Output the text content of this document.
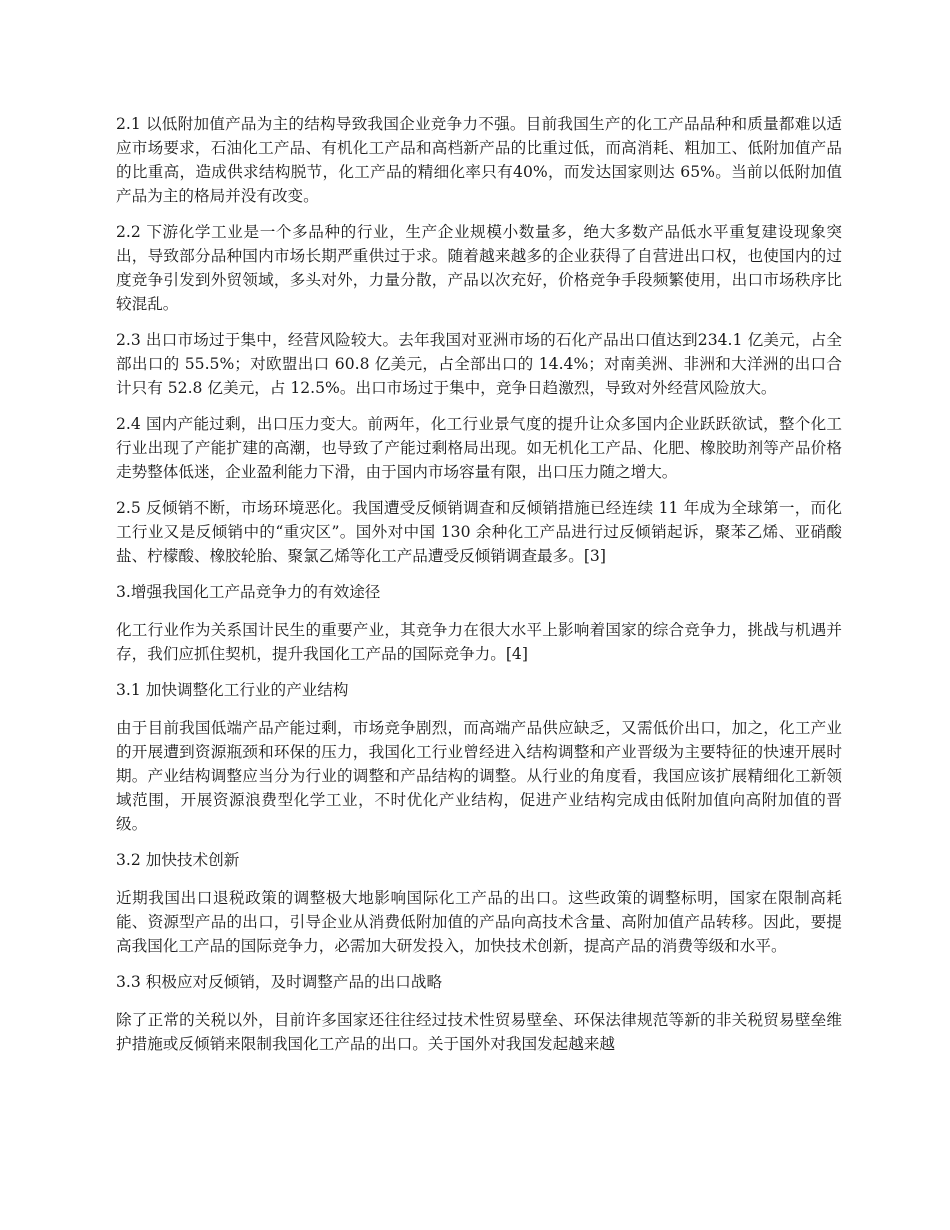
2.1 以低附加值产品为主的结构导致我国企业竞争力不强。目前我国生产的化工产品品种和质量都难以适应市场要求，石油化工产品、有机化工产品和高档新产品的比重过低，而高消耗、粗加工、低附加值产品的比重高，造成供求结构脱节，化工产品的精细化率只有40%，而发达国家则达 65%。当前以低附加值产品为主的格局并没有改变。

2.2 下游化学工业是一个多品种的行业，生产企业规模小数量多，绝大多数产品低水平重复建设现象突出，导致部分品种国内市场长期严重供过于求。随着越来越多的企业获得了自营进出口权，也使国内的过度竞争引发到外贸领域，多头对外，力量分散，产品以次充好，价格竞争手段频繁使用，出口市场秩序比较混乱。

2.3 出口市场过于集中，经营风险较大。去年我国对亚洲市场的石化产品出口值达到234.1 亿美元，占全部出口的 55.5%；对欧盟出口 60.8 亿美元，占全部出口的 14.4%；对南美洲、非洲和大洋洲的出口合计只有 52.8 亿美元，占 12.5%。出口市场过于集中，竞争日趋激烈，导致对外经营风险放大。

2.4 国内产能过剩，出口压力变大。前两年，化工行业景气度的提升让众多国内企业跃跃欲试，整个化工行业出现了产能扩建的高潮，也导致了产能过剩格局出现。如无机化工产品、化肥、橡胶助剂等产品价格走势整体低迷，企业盈利能力下滑，由于国内市场容量有限，出口压力随之增大。

2.5 反倾销不断，市场环境恶化。我国遭受反倾销调查和反倾销措施已经连续 11 年成为全球第一，而化工行业又是反倾销中的“重灾区”。国外对中国 130 余种化工产品进行过反倾销起诉，聚苯乙烯、亚硝酸盐、柠檬酸、橡胶轮胎、聚氯乙烯等化工产品遭受反倾销调查最多。[3]

3.增强我国化工产品竞争力的有效途径

化工行业作为关系国计民生的重要产业，其竞争力在很大水平上影响着国家的综合竞争力，挑战与机遇并存，我们应抓住契机，提升我国化工产品的国际竞争力。[4]

3.1 加快调整化工行业的产业结构

由于目前我国低端产品产能过剩，市场竞争剧烈，而高端产品供应缺乏，又需低价出口，加之，化工产业的开展遭到资源瓶颈和环保的压力，我国化工行业曾经进入结构调整和产业晋级为主要特征的快速开展时期。产业结构调整应当分为行业的调整和产品结构的调整。从行业的角度看，我国应该扩展精细化工新领域范围，开展资源浪费型化学工业，不时优化产业结构，促进产业结构完成由低附加值向高附加值的晋级。

3.2 加快技术创新

近期我国出口退税政策的调整极大地影响国际化工产品的出口。这些政策的调整标明，国家在限制高耗能、资源型产品的出口，引导企业从消费低附加值的产品向高技术含量、高附加值产品转移。因此，要提高我国化工产品的国际竞争力，必需加大研发投入，加快技术创新，提高产品的消费等级和水平。

3.3 积极应对反倾销，及时调整产品的出口战略

除了正常的关税以外，目前许多国家还往往经过技术性贸易壁垒、环保法律规范等新的非关税贸易壁垒维护措施或反倾销来限制我国化工产品的出口。关于国外对我国发起越来越
